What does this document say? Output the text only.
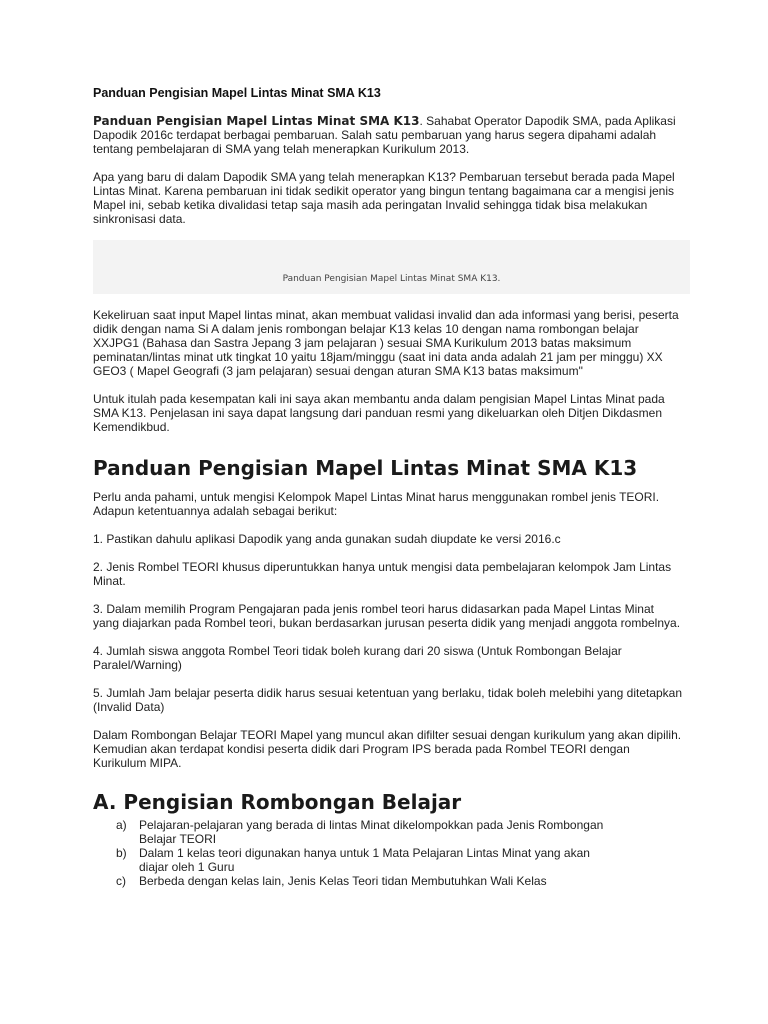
Panduan Pengisian Mapel Lintas Minat SMA K13

Panduan Pengisian Mapel Lintas Minat SMA K13. Sahabat Operator Dapodik SMA, pada Aplikasi Dapodik 2016c terdapat berbagai pembaruan. Salah satu pembaruan yang harus segera dipahami adalah tentang pembelajaran di SMA yang telah menerapkan Kurikulum 2013.

Apa yang baru di dalam Dapodik SMA yang telah menerapkan K13? Pembaruan tersebut berada pada Mapel Lintas Minat. Karena pembaruan ini tidak sedikit operator yang bingun tentang bagaimana car a mengisi jenis Mapel ini, sebab ketika divalidasi tetap saja masih ada peringatan Invalid sehingga tidak bisa melakukan sinkronisasi data.

Panduan Pengisian Mapel Lintas Minat SMA K13.

Kekeliruan saat input Mapel lintas minat, akan membuat validasi invalid dan ada informasi yang berisi, peserta didik dengan nama Si A dalam jenis rombongan belajar K13 kelas 10 dengan nama rombongan belajar XXJPG1 (Bahasa dan Sastra Jepang 3 jam pelajaran ) sesuai SMA Kurikulum 2013 batas maksimum peminatan/lintas minat utk tingkat 10 yaitu 18jam/minggu (saat ini data anda adalah 21 jam per minggu) XX GEO3 ( Mapel Geografi (3 jam pelajaran) sesuai dengan aturan SMA K13 batas maksimum"

Untuk itulah pada kesempatan kali ini saya akan membantu anda dalam pengisian Mapel Lintas Minat pada SMA K13. Penjelasan ini saya dapat langsung dari panduan resmi yang dikeluarkan oleh Ditjen Dikdasmen Kemendikbud.

Panduan Pengisian Mapel Lintas Minat SMA K13

Perlu anda pahami, untuk mengisi Kelompok Mapel Lintas Minat harus menggunakan rombel jenis TEORI. Adapun ketentuannya adalah sebagai berikut:

1. Pastikan dahulu aplikasi Dapodik yang anda gunakan sudah diupdate ke versi 2016.c

2. Jenis Rombel TEORI khusus diperuntukkan hanya untuk mengisi data pembelajaran kelompok Jam Lintas Minat.

3. Dalam memilih Program Pengajaran pada jenis rombel teori harus didasarkan pada Mapel Lintas Minat yang diajarkan pada Rombel teori, bukan berdasarkan jurusan peserta didik yang menjadi anggota rombelnya.

4. Jumlah siswa anggota Rombel Teori tidak boleh kurang dari 20 siswa (Untuk Rombongan Belajar Paralel/Warning)

5. Jumlah Jam belajar peserta didik harus sesuai ketentuan yang berlaku, tidak boleh melebihi yang ditetapkan (Invalid Data)

Dalam Rombongan Belajar TEORI Mapel yang muncul akan difilter sesuai dengan kurikulum yang akan dipilih. Kemudian akan terdapat kondisi peserta didik dari Program IPS berada pada Rombel TEORI dengan Kurikulum MIPA.

A. Pengisian Rombongan Belajar
a)	Pelajaran-pelajaran yang berada di lintas Minat dikelompokkan pada Jenis Rombongan Belajar TEORI
b)	Dalam 1 kelas teori digunakan hanya untuk 1 Mata Pelajaran Lintas Minat yang akan diajar oleh 1 Guru
c)	Berbeda dengan kelas lain, Jenis Kelas Teori tidan Membutuhkan Wali Kelas
